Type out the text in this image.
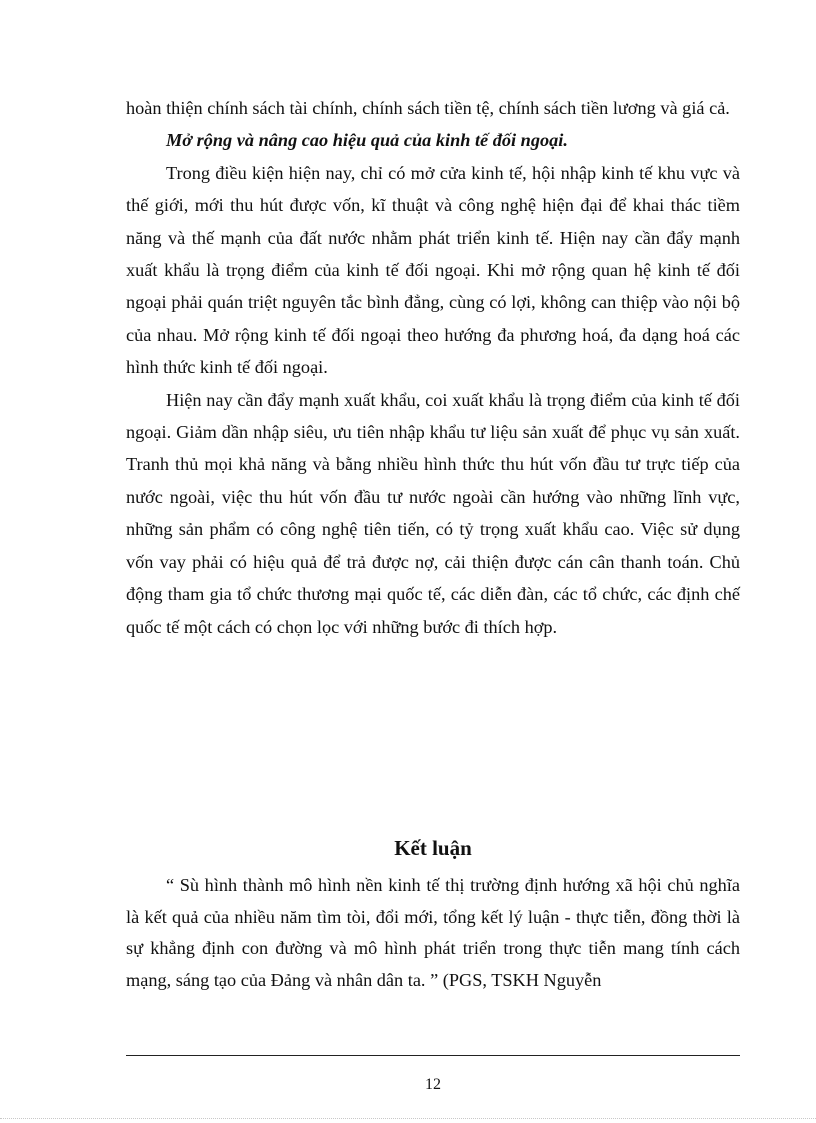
hoàn thiện chính sách tài chính, chính sách tiền tệ, chính sách tiền lương và giá cả.

Mở rộng và nâng cao hiệu quả của kinh tế đối ngoại.

Trong điều kiện hiện nay, chỉ có mở cửa kinh tế, hội nhập kinh tế khu vực và thế giới, mới thu hút được vốn, kĩ thuật và công nghệ hiện đại để khai thác tiềm năng và thế mạnh của đất nước nhằm phát triển kinh tế. Hiện nay cần đẩy mạnh xuất khẩu là trọng điểm của kinh tế đối ngoại. Khi mở rộng quan hệ kinh tế đối ngoại phải quán triệt nguyên tắc bình đẳng, cùng có lợi, không can thiệp vào nội bộ của nhau. Mở rộng kinh tế đối ngoại theo hướng đa phương hoá, đa dạng hoá các hình thức kinh tế đối ngoại.

Hiện nay cần đẩy mạnh xuất khẩu, coi xuất khẩu là trọng điểm của kinh tế đối ngoại. Giảm dần nhập siêu, ưu tiên nhập khẩu tư liệu sản xuất để phục vụ sản xuất. Tranh thủ mọi khả năng và bằng nhiều hình thức thu hút vốn đầu tư trực tiếp của nước ngoài, việc thu hút vốn đầu tư nước ngoài cần hướng vào những lĩnh vực, những sản phẩm có công nghệ tiên tiến, có tỷ trọng xuất khẩu cao. Việc sử dụng vốn vay phải có hiệu quả để trả được nợ, cải thiện được cán cân thanh toán. Chủ động tham gia tổ chức thương mại quốc tế, các diễn đàn, các tổ chức, các định chế quốc tế một cách có chọn lọc với những bước đi thích hợp.

Kết luận

“ Sù hình thành mô hình nền kinh tế thị trường định hướng xã hội chủ nghĩa là kết quả của nhiều năm tìm tòi, đổi mới, tổng kết lý luận - thực tiễn, đồng thời là sự khẳng định con đường và mô hình phát triển trong thực tiễn mang tính cách mạng, sáng tạo của Đảng và nhân dân ta. ” (PGS, TSKH Nguyễn

12
